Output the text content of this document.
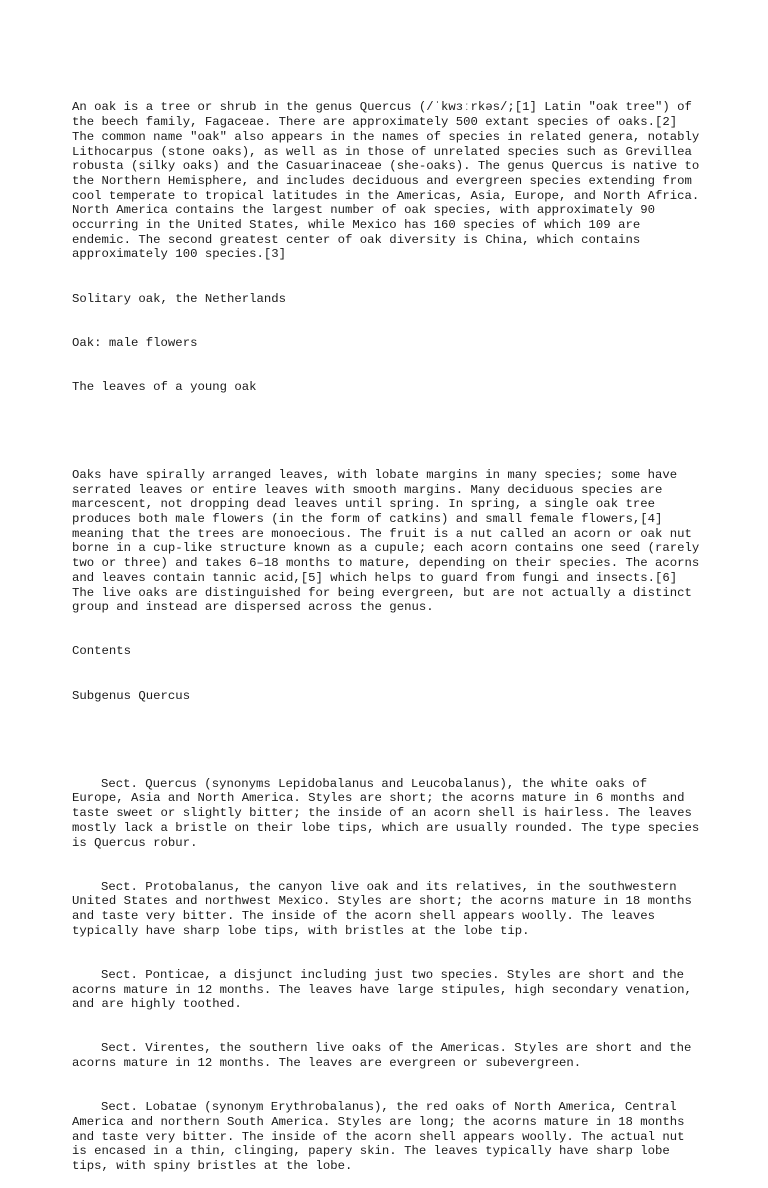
An oak is a tree or shrub in the genus Quercus (/ˈkwɜːrkəs/;[1] Latin "oak tree") of the beech family, Fagaceae. There are approximately 500 extant species of oaks.[2] The common name "oak" also appears in the names of species in related genera, notably Lithocarpus (stone oaks), as well as in those of unrelated species such as Grevillea robusta (silky oaks) and the Casuarinaceae (she-oaks). The genus Quercus is native to the Northern Hemisphere, and includes deciduous and evergreen species extending from cool temperate to tropical latitudes in the Americas, Asia, Europe, and North Africa. North America contains the largest number of oak species, with approximately 90 occurring in the United States, while Mexico has 160 species of which 109 are endemic. The second greatest center of oak diversity is China, which contains approximately 100 species.[3]

Solitary oak, the Netherlands

Oak: male flowers

The leaves of a young oak

Oaks have spirally arranged leaves, with lobate margins in many species; some have serrated leaves or entire leaves with smooth margins. Many deciduous species are marcescent, not dropping dead leaves until spring. In spring, a single oak tree produces both male flowers (in the form of catkins) and small female flowers,[4] meaning that the trees are monoecious. The fruit is a nut called an acorn or oak nut borne in a cup-like structure known as a cupule; each acorn contains one seed (rarely two or three) and takes 6–18 months to mature, depending on their species. The acorns and leaves contain tannic acid,[5] which helps to guard from fungi and insects.[6] The live oaks are distinguished for being evergreen, but are not actually a distinct group and instead are dispersed across the genus.

Contents

Subgenus Quercus

Sect. Quercus (synonyms Lepidobalanus and Leucobalanus), the white oaks of Europe, Asia and North America. Styles are short; the acorns mature in 6 months and taste sweet or slightly bitter; the inside of an acorn shell is hairless. The leaves mostly lack a bristle on their lobe tips, which are usually rounded. The type species is Quercus robur.

Sect. Protobalanus, the canyon live oak and its relatives, in the southwestern United States and northwest Mexico. Styles are short; the acorns mature in 18 months and taste very bitter. The inside of the acorn shell appears woolly. The leaves typically have sharp lobe tips, with bristles at the lobe tip.

Sect. Ponticae, a disjunct including just two species. Styles are short and the acorns mature in 12 months. The leaves have large stipules, high secondary venation, and are highly toothed.

Sect. Virentes, the southern live oaks of the Americas. Styles are short and the acorns mature in 12 months. The leaves are evergreen or subevergreen.

Sect. Lobatae (synonym Erythrobalanus), the red oaks of North America, Central America and northern South America. Styles are long; the acorns mature in 18 months and taste very bitter. The inside of the acorn shell appears woolly. The actual nut is encased in a thin, clinging, papery skin. The leaves typically have sharp lobe tips, with spiny bristles at the lobe.
